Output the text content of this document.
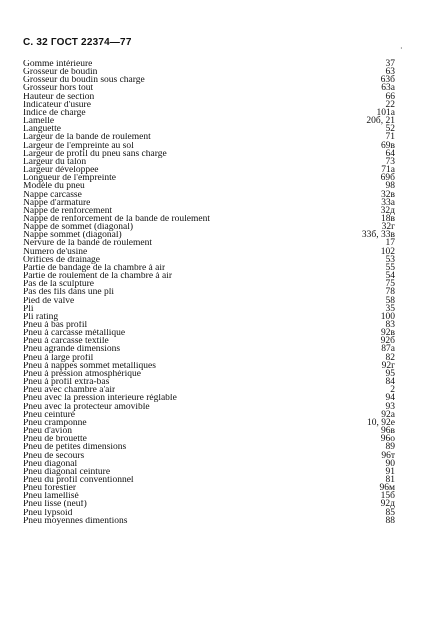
С. 32 ГОСТ 22374—77
·
Gomme intérieure	37
Grosseur de boudin	63
Grosseur du boudin sous charge	63б
Grosseur hors tout	63а
Hauteur de section	66
Indicateur d'usure	22
Indice de charge	101а
Lamelle	20б, 21
Languette	52
Largeur de la bande de roulement	71
Largeur de l'empreinte au sol	69в
Largeur de profil du pneu sans charge	64
Largeur du talon	73
Largeur développee	71а
Longueur de l'empreinte	69б
Modèle du pneu	98
Nappe carcasse	32в
Nappe d'armature	33а
Nappe de renforcement	32д
Nappe de renforcement de la bande de roulement	18в
Nappe de sommet (diagonal)	32г
Nappe sommet (diagonal)	33б, 33в
Nervure de la bande de roulement	17
Numero de'usine	102
Orifices de drainage	53
Partie de bandage de la chambre à air	55
Partie de roulement de la chambre à air	54
Pas de la sculpture	75
Pas des fils dans une pli	78
Pied de valve	58
Pli	35
Pli rating	100
Pneu à bas profil	83
Pneu à carcasse métallique	92в
Pneu à carcasse textile	92б
Pneu agrande dimensions	87а
Pneu à large profil	82
Pneu à nappes sommet metalliques	92г
Pneu à préssion atmosphérique	95
Pneu à profil extra-bas	84
Pneu avec chambre a'air	2
Pneu avec la pression interieure réglable	94
Pneu avec la protecteur amovible	93
Pneu ceinturé	92а
Pneu cramponne	10, 92е
Pneu d'avion	96в
Pneu de brouette	96о
Pneu de petites dimensions	89
Pneu de secours	96т
Pneu diagonal	90
Pneu diagonal ceinture	91
Pneu du profil conventionnel	81
Pneu forestier	96м
Pneu lamellisé	15б
Pneu lisse (neuf)	92д
Pneu lypsoid	85
Pneu moyennes dimentions	88
